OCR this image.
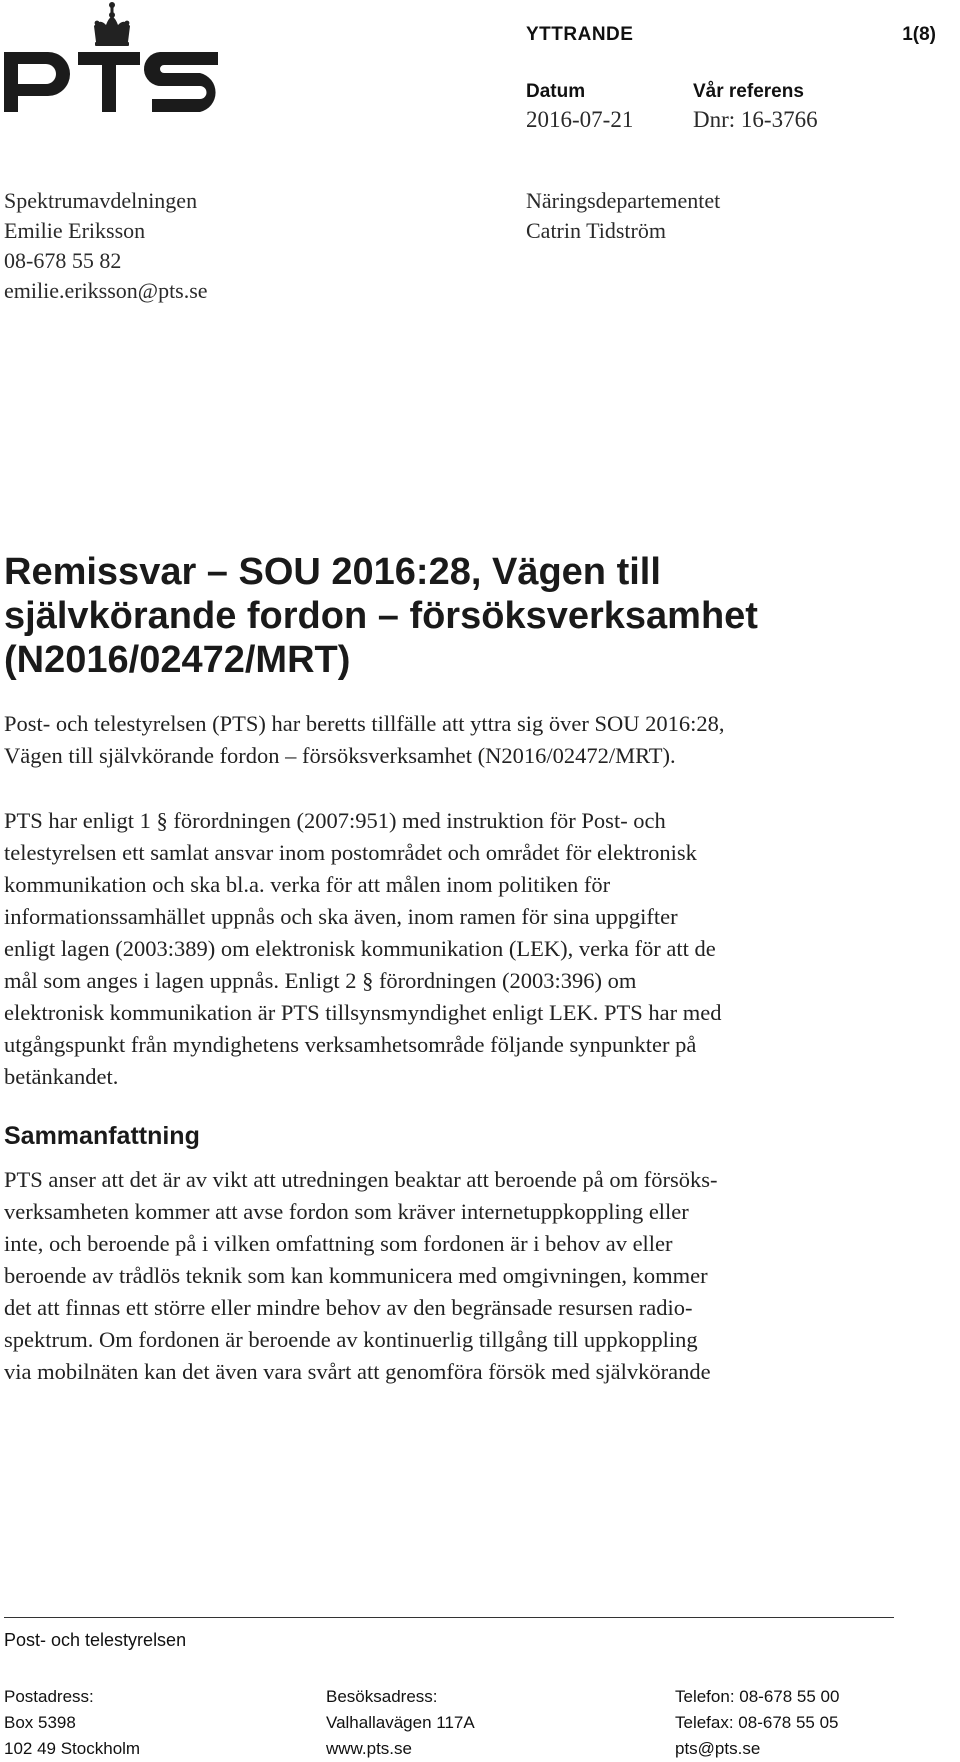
YTTRANDE	1(8)
Datum	Vår referens
2016-07-21	Dnr: 16-3766
Spektrumavdelningen
Emilie Eriksson
08-678 55 82
emilie.eriksson@pts.se
Näringsdepartementet
Catrin Tidström
Remissvar – SOU 2016:28, Vägen till
självkörande fordon – försöksverksamhet
(N2016/02472/MRT)

Post- och telestyrelsen (PTS) har beretts tillfälle att yttra sig över SOU 2016:28,
Vägen till självkörande fordon – försöksverksamhet (N2016/02472/MRT).

PTS har enligt 1 § förordningen (2007:951) med instruktion för Post- och
telestyrelsen ett samlat ansvar inom postområdet och området för elektronisk
kommunikation och ska bl.a. verka för att målen inom politiken för
informationssamhället uppnås och ska även, inom ramen för sina uppgifter
enligt lagen (2003:389) om elektronisk kommunikation (LEK), verka för att de
mål som anges i lagen uppnås. Enligt 2 § förordningen (2003:396) om
elektronisk kommunikation är PTS tillsynsmyndighet enligt LEK. PTS har med
utgångspunkt från myndighetens verksamhetsområde följande synpunkter på
betänkandet.

Sammanfattning

PTS anser att det är av vikt att utredningen beaktar att beroende på om försöks-
verksamheten kommer att avse fordon som kräver internetuppkoppling eller
inte, och beroende på i vilken omfattning som fordonen är i behov av eller
beroende av trådlös teknik som kan kommunicera med omgivningen, kommer
det att finnas ett större eller mindre behov av den begränsade resursen radio-
spektrum. Om fordonen är beroende av kontinuerlig tillgång till uppkoppling
via mobilnäten kan det även vara svårt att genomföra försök med självkörande

Post- och telestyrelsen
Postadress:
Box 5398
102 49 Stockholm
Besöksadress:
Valhallavägen 117A
www.pts.se
Telefon: 08-678 55 00
Telefax: 08-678 55 05
pts@pts.se
